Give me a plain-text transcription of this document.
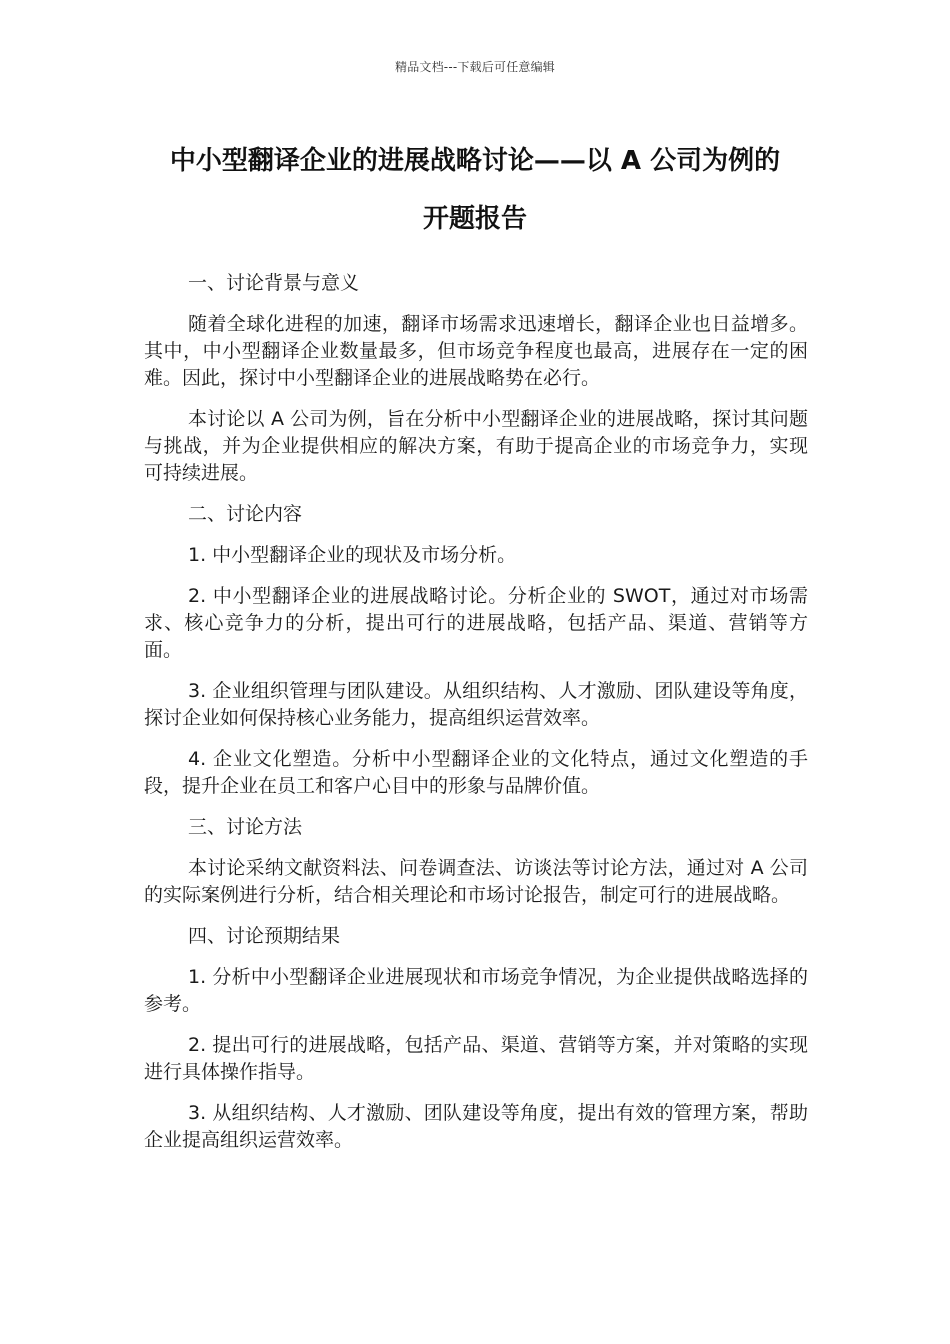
精品文档---下载后可任意编辑
中小型翻译企业的进展战略讨论——以 A 公司为例的
开题报告

一、讨论背景与意义

随着全球化进程的加速，翻译市场需求迅速增长，翻译企业也日益增多。其中，中小型翻译企业数量最多，但市场竞争程度也最高，进展存在一定的困难。因此，探讨中小型翻译企业的进展战略势在必行。

本讨论以 A 公司为例，旨在分析中小型翻译企业的进展战略，探讨其问题与挑战，并为企业提供相应的解决方案，有助于提高企业的市场竞争力，实现可持续进展。

二、讨论内容

1. 中小型翻译企业的现状及市场分析。

2. 中小型翻译企业的进展战略讨论。分析企业的 SWOT，通过对市场需求、核心竞争力的分析，提出可行的进展战略，包括产品、渠道、营销等方面。

3. 企业组织管理与团队建设。从组织结构、人才激励、团队建设等角度，探讨企业如何保持核心业务能力，提高组织运营效率。

4. 企业文化塑造。分析中小型翻译企业的文化特点，通过文化塑造的手段，提升企业在员工和客户心目中的形象与品牌价值。

三、讨论方法

本讨论采纳文献资料法、问卷调查法、访谈法等讨论方法，通过对 A 公司的实际案例进行分析，结合相关理论和市场讨论报告，制定可行的进展战略。

四、讨论预期结果

1. 分析中小型翻译企业进展现状和市场竞争情况，为企业提供战略选择的参考。

2. 提出可行的进展战略，包括产品、渠道、营销等方案，并对策略的实现进行具体操作指导。

3. 从组织结构、人才激励、团队建设等角度，提出有效的管理方案，帮助企业提高组织运营效率。
